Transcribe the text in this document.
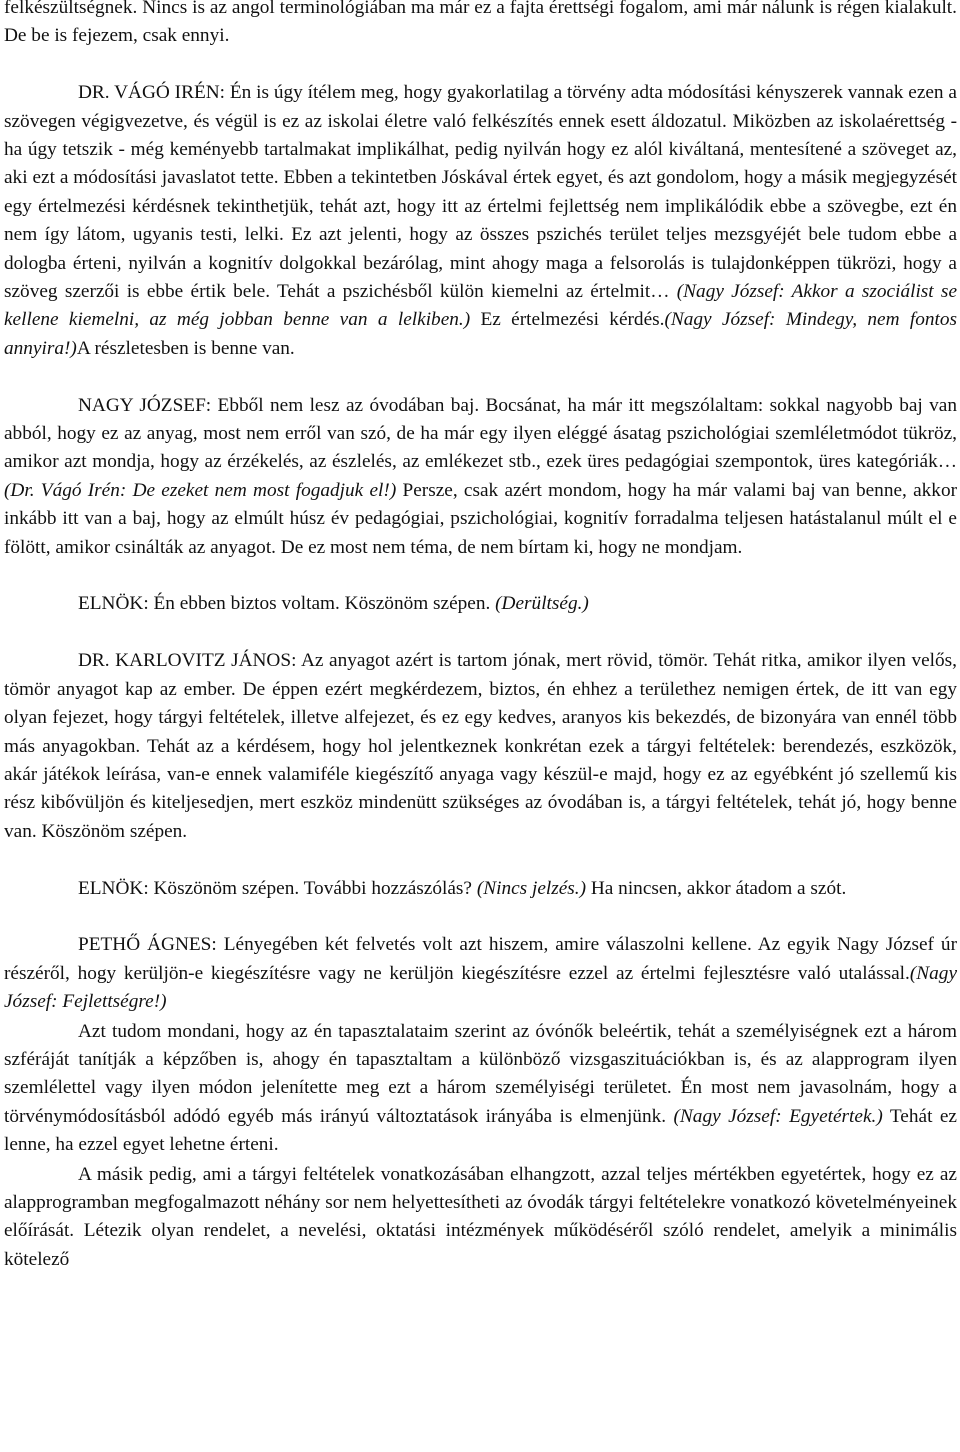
felkészültségnek. Nincs is az angol terminológiában ma már ez a fajta érettségi fogalom, ami már nálunk is régen kialakult. De be is fejezem, csak ennyi.

DR. VÁGÓ IRÉN: Én is úgy ítélem meg, hogy gyakorlatilag a törvény adta módosítási kényszerek vannak ezen a szövegen végigvezetve, és végül is ez az iskolai életre való felkészítés ennek esett áldozatul. Miközben az iskolaérettség - ha úgy tetszik - még keményebb tartalmakat implikálhat, pedig nyilván hogy ez alól kiváltaná, mentesítené a szöveget az, aki ezt a módosítási javaslatot tette. Ebben a tekintetben Jóskával értek egyet, és azt gondolom, hogy a másik megjegyzését egy értelmezési kérdésnek tekinthetjük, tehát azt, hogy itt az értelmi fejlettség nem implikálódik ebbe a szövegbe, ezt én nem így látom, ugyanis testi, lelki. Ez azt jelenti, hogy az összes pszichés terület teljes mezsgyéjét bele tudom ebbe a dologba érteni, nyilván a kognitív dolgokkal bezárólag, mint ahogy maga a felsorolás is tulajdonképpen tükrözi, hogy a szöveg szerzői is ebbe értik bele. Tehát a pszichésből külön kiemelni az értelmit… (Nagy József: Akkor a szociálist se kellene kiemelni, az még jobban benne van a lelkiben.) Ez értelmezési kérdés.(Nagy József: Mindegy, nem fontos annyira!)A részletesben is benne van.

NAGY JÓZSEF: Ebből nem lesz az óvodában baj. Bocsánat, ha már itt megszólaltam: sokkal nagyobb baj van abból, hogy ez az anyag, most nem erről van szó, de ha már egy ilyen eléggé ásatag pszichológiai szemléletmódot tükröz, amikor azt mondja, hogy az érzékelés, az észlelés, az emlékezet stb., ezek üres pedagógiai szempontok, üres kategóriák… (Dr. Vágó Irén: De ezeket nem most fogadjuk el!) Persze, csak azért mondom, hogy ha már valami baj van benne, akkor inkább itt van a baj, hogy az elmúlt húsz év pedagógiai, pszichológiai, kognitív forradalma teljesen hatástalanul múlt el e fölött, amikor csinálták az anyagot. De ez most nem téma, de nem bírtam ki, hogy ne mondjam.

ELNÖK: Én ebben biztos voltam. Köszönöm szépen. (Derültség.)

DR. KARLOVITZ JÁNOS: Az anyagot azért is tartom jónak, mert rövid, tömör. Tehát ritka, amikor ilyen velős, tömör anyagot kap az ember. De éppen ezért megkérdezem, biztos, én ehhez a területhez nemigen értek, de itt van egy olyan fejezet, hogy tárgyi feltételek, illetve alfejezet, és ez egy kedves, aranyos kis bekezdés, de bizonyára van ennél több más anyagokban. Tehát az a kérdésem, hogy hol jelentkeznek konkrétan ezek a tárgyi feltételek: berendezés, eszközök, akár játékok leírása, van-e ennek valamiféle kiegészítő anyaga vagy készül-e majd, hogy ez az egyébként jó szellemű kis rész kibővüljön és kiteljesedjen, mert eszköz mindenütt szükséges az óvodában is, a tárgyi feltételek, tehát jó, hogy benne van. Köszönöm szépen.

ELNÖK: Köszönöm szépen. További hozzászólás? (Nincs jelzés.) Ha nincsen, akkor átadom a szót.

PETHŐ ÁGNES: Lényegében két felvetés volt azt hiszem, amire válaszolni kellene. Az egyik Nagy József úr részéről, hogy kerüljön-e kiegészítésre vagy ne kerüljön kiegészítésre ezzel az értelmi fejlesztésre való utalással.(Nagy József: Fejlettségre!)

Azt tudom mondani, hogy az én tapasztalataim szerint az óvónők beleértik, tehát a személyiségnek ezt a három szféráját tanítják a képzőben is, ahogy én tapasztaltam a különböző vizsgaszituációkban is, és az alapprogram ilyen szemlélettel vagy ilyen módon jelenítette meg ezt a három személyiségi területet. Én most nem javasolnám, hogy a törvénymódosításból adódó egyéb más irányú változtatások irányába is elmenjünk. (Nagy József: Egyetértek.) Tehát ez lenne, ha ezzel egyet lehetne érteni.

A másik pedig, ami a tárgyi feltételek vonatkozásában elhangzott, azzal teljes mértékben egyetértek, hogy ez az alapprogramban megfogalmazott néhány sor nem helyettesítheti az óvodák tárgyi feltételekre vonatkozó követelményeinek előírását. Létezik olyan rendelet, a nevelési, oktatási intézmények működéséről szóló rendelet, amelyik a minimális kötelező
